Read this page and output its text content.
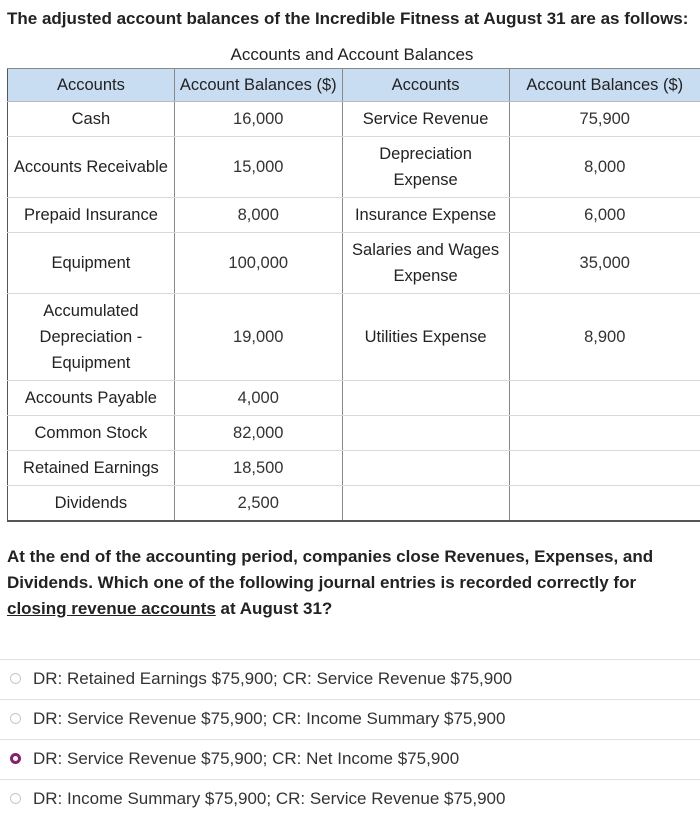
The adjusted account balances of the Incredible Fitness at August 31 are as follows:
Accounts and Account Balances
Accounts	Account Balances ($)	Accounts	Account Balances ($)
Cash	16,000	Service Revenue	75,900
Accounts Receivable	15,000	Depreciation Expense	8,000
Prepaid Insurance	8,000	Insurance Expense	6,000
Equipment	100,000	Salaries and Wages Expense	35,000
Accumulated Depreciation - Equipment	19,000	Utilities Expense	8,900
Accounts Payable	4,000		
Common Stock	82,000		
Retained Earnings	18,500		
Dividends	2,500		
At the end of the accounting period, companies close Revenues, Expenses, and Dividends. Which one of the following journal entries is recorded correctly for closing revenue accounts at August 31?
DR: Retained Earnings $75,900; CR: Service Revenue $75,900
DR: Service Revenue $75,900; CR: Income Summary $75,900
DR: Service Revenue $75,900; CR: Net Income $75,900
DR: Income Summary $75,900; CR: Service Revenue $75,900
